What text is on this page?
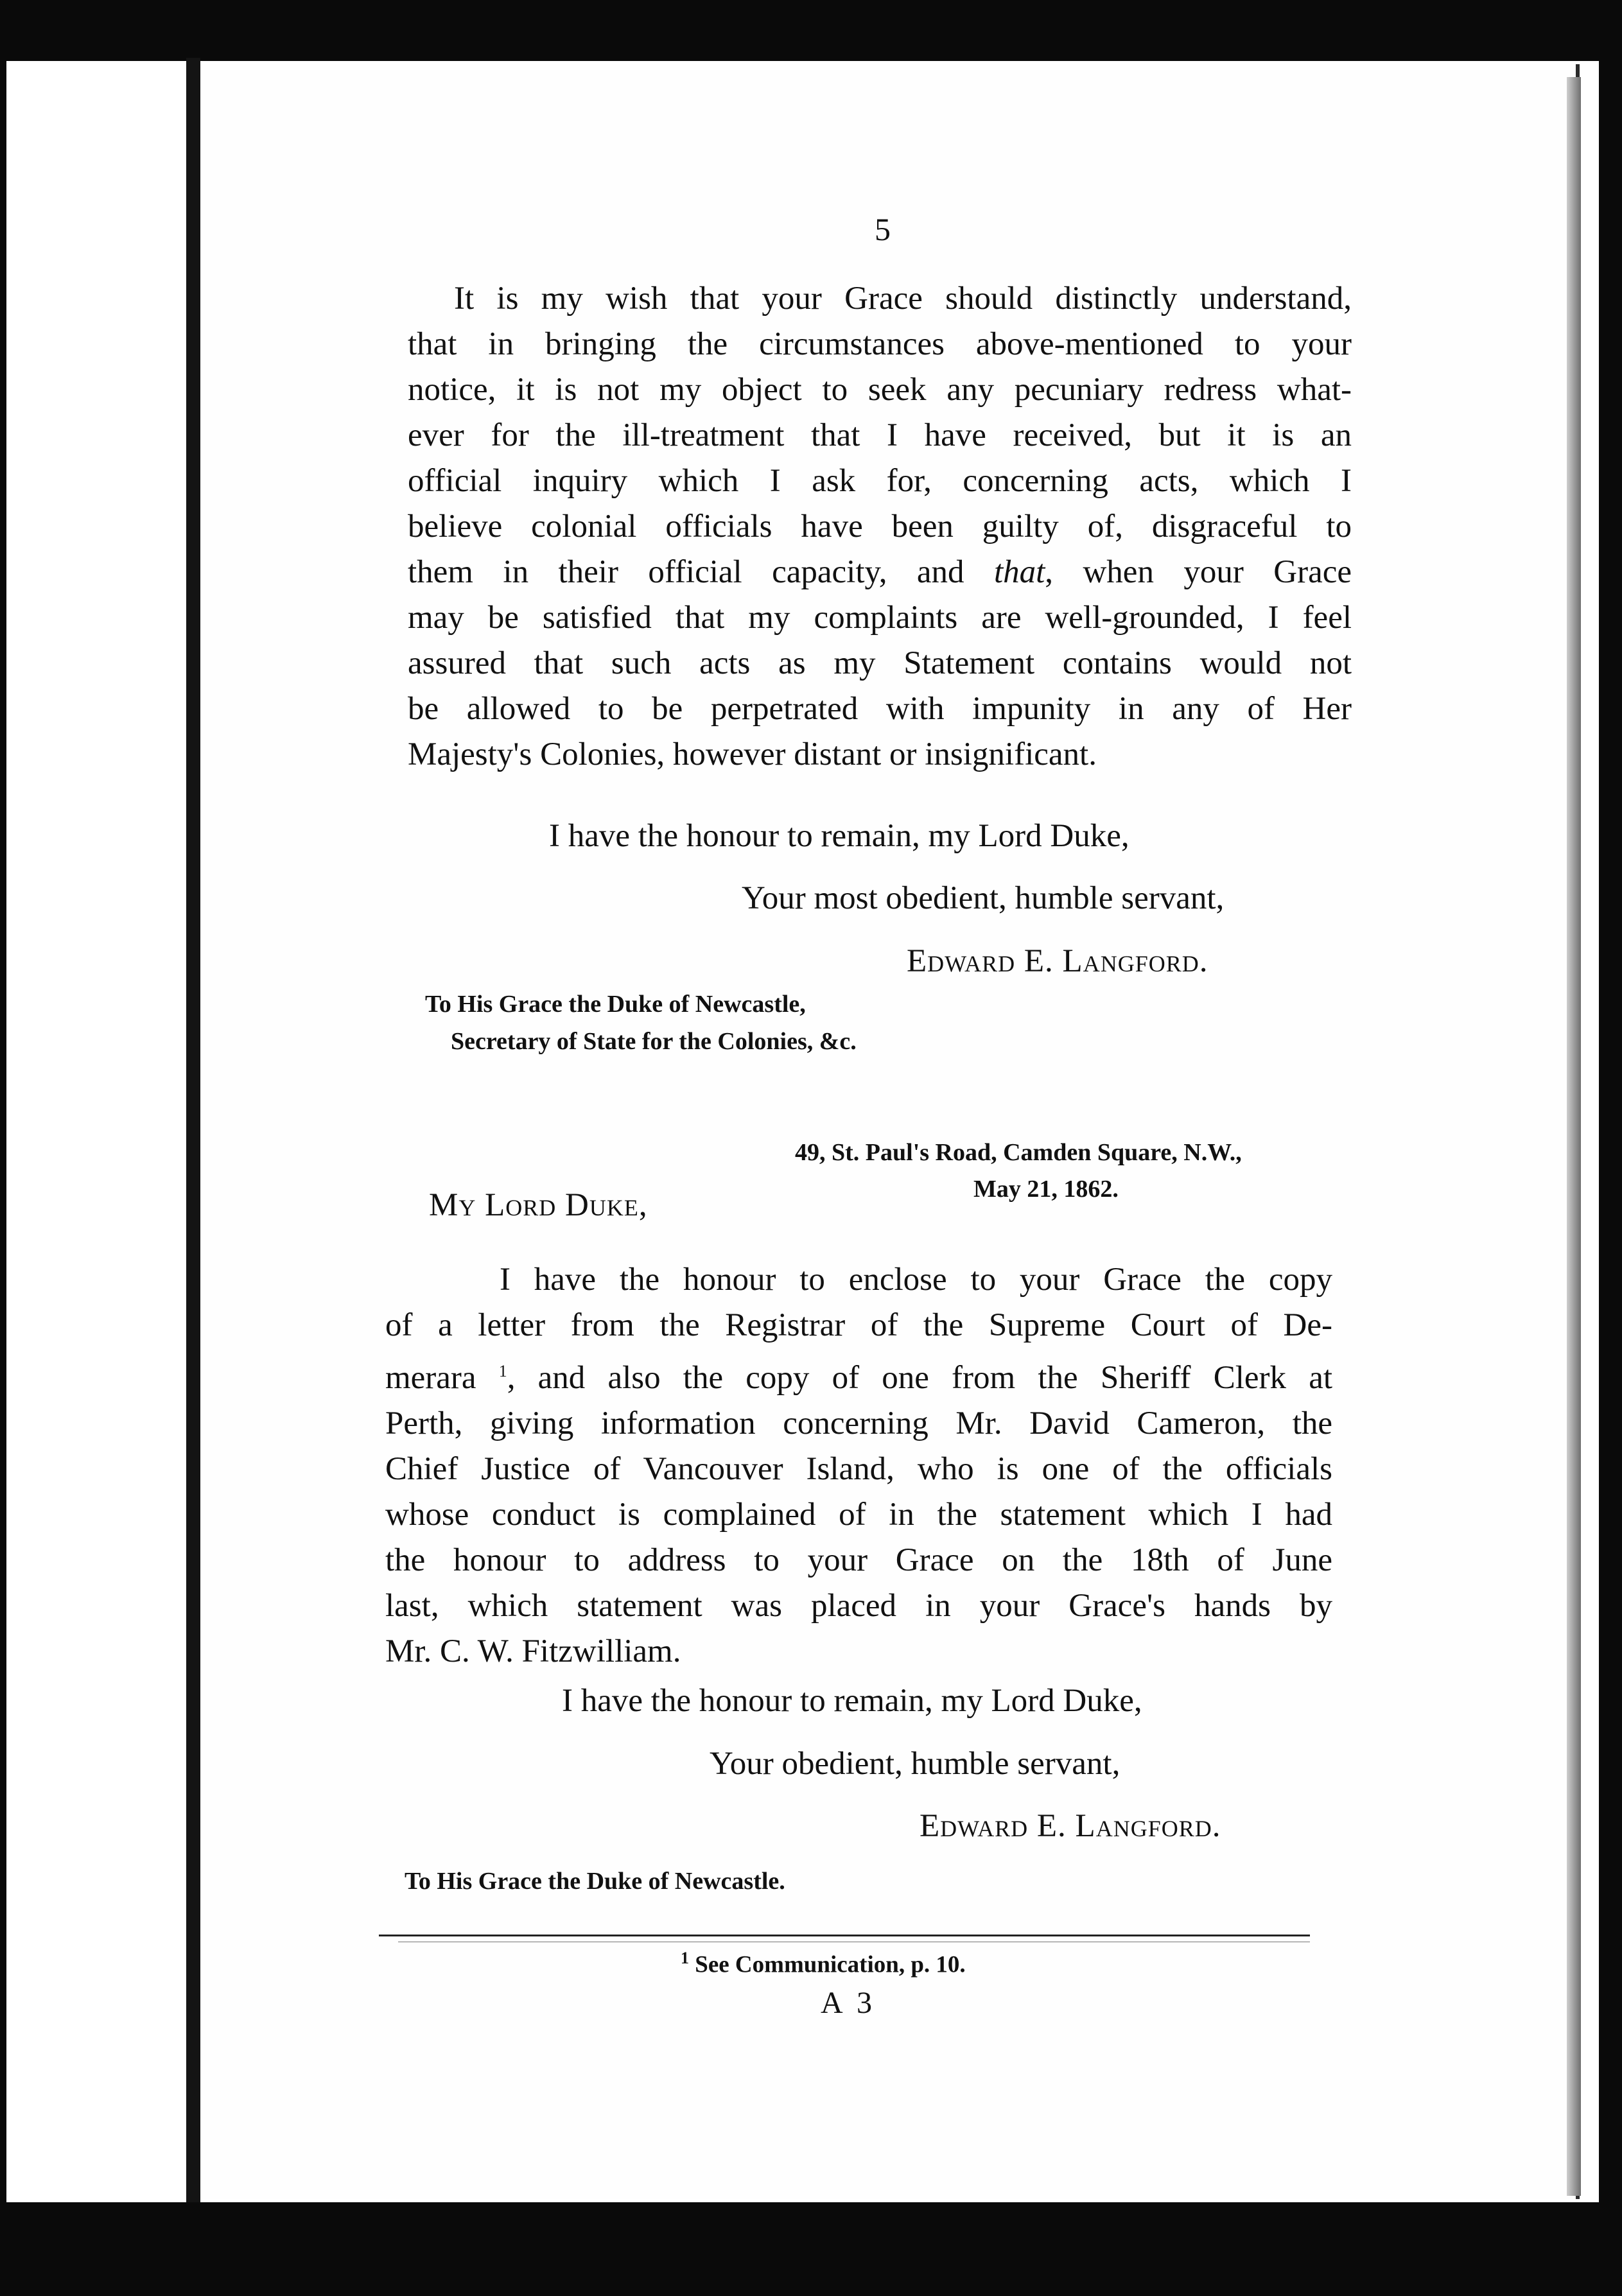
5
It is my wish that your Grace should distinctly understand,
that in bringing the circumstances above-mentioned to your
notice, it is not my object to seek any pecuniary redress what-
ever for the ill-treatment that I have received, but it is an
official inquiry which I ask for, concerning acts, which I
believe colonial officials have been guilty of, disgraceful to
them in their official capacity, and that, when your Grace
may be satisfied that my complaints are well-grounded, I feel
assured that such acts as my Statement contains would not
be allowed to be perpetrated with impunity in any of Her
Majesty's Colonies, however distant or insignificant.
I have the honour to remain, my Lord Duke,
Your most obedient, humble servant,
Edward E. Langford.
To His Grace the Duke of Newcastle,
Secretary of State for the Colonies, &c.
49, St. Paul's Road, Camden Square, N.W.,
May 21, 1862.
My Lord Duke,
I have the honour to enclose to your Grace the copy
of a letter from the Registrar of the Supreme Court of De-
merara $^1$, and also the copy of one from the Sheriff Clerk at
Perth, giving information concerning Mr. David Cameron, the
Chief Justice of Vancouver Island, who is one of the officials
whose conduct is complained of in the statement which I had
the honour to address to your Grace on the 18th of June
last, which statement was placed in your Grace's hands by
Mr. C. W. Fitzwilliam.
I have the honour to remain, my Lord Duke,
Your obedient, humble servant,
Edward E. Langford.
To His Grace the Duke of Newcastle.
$^1$ See Communication, p. 10.
A 3
